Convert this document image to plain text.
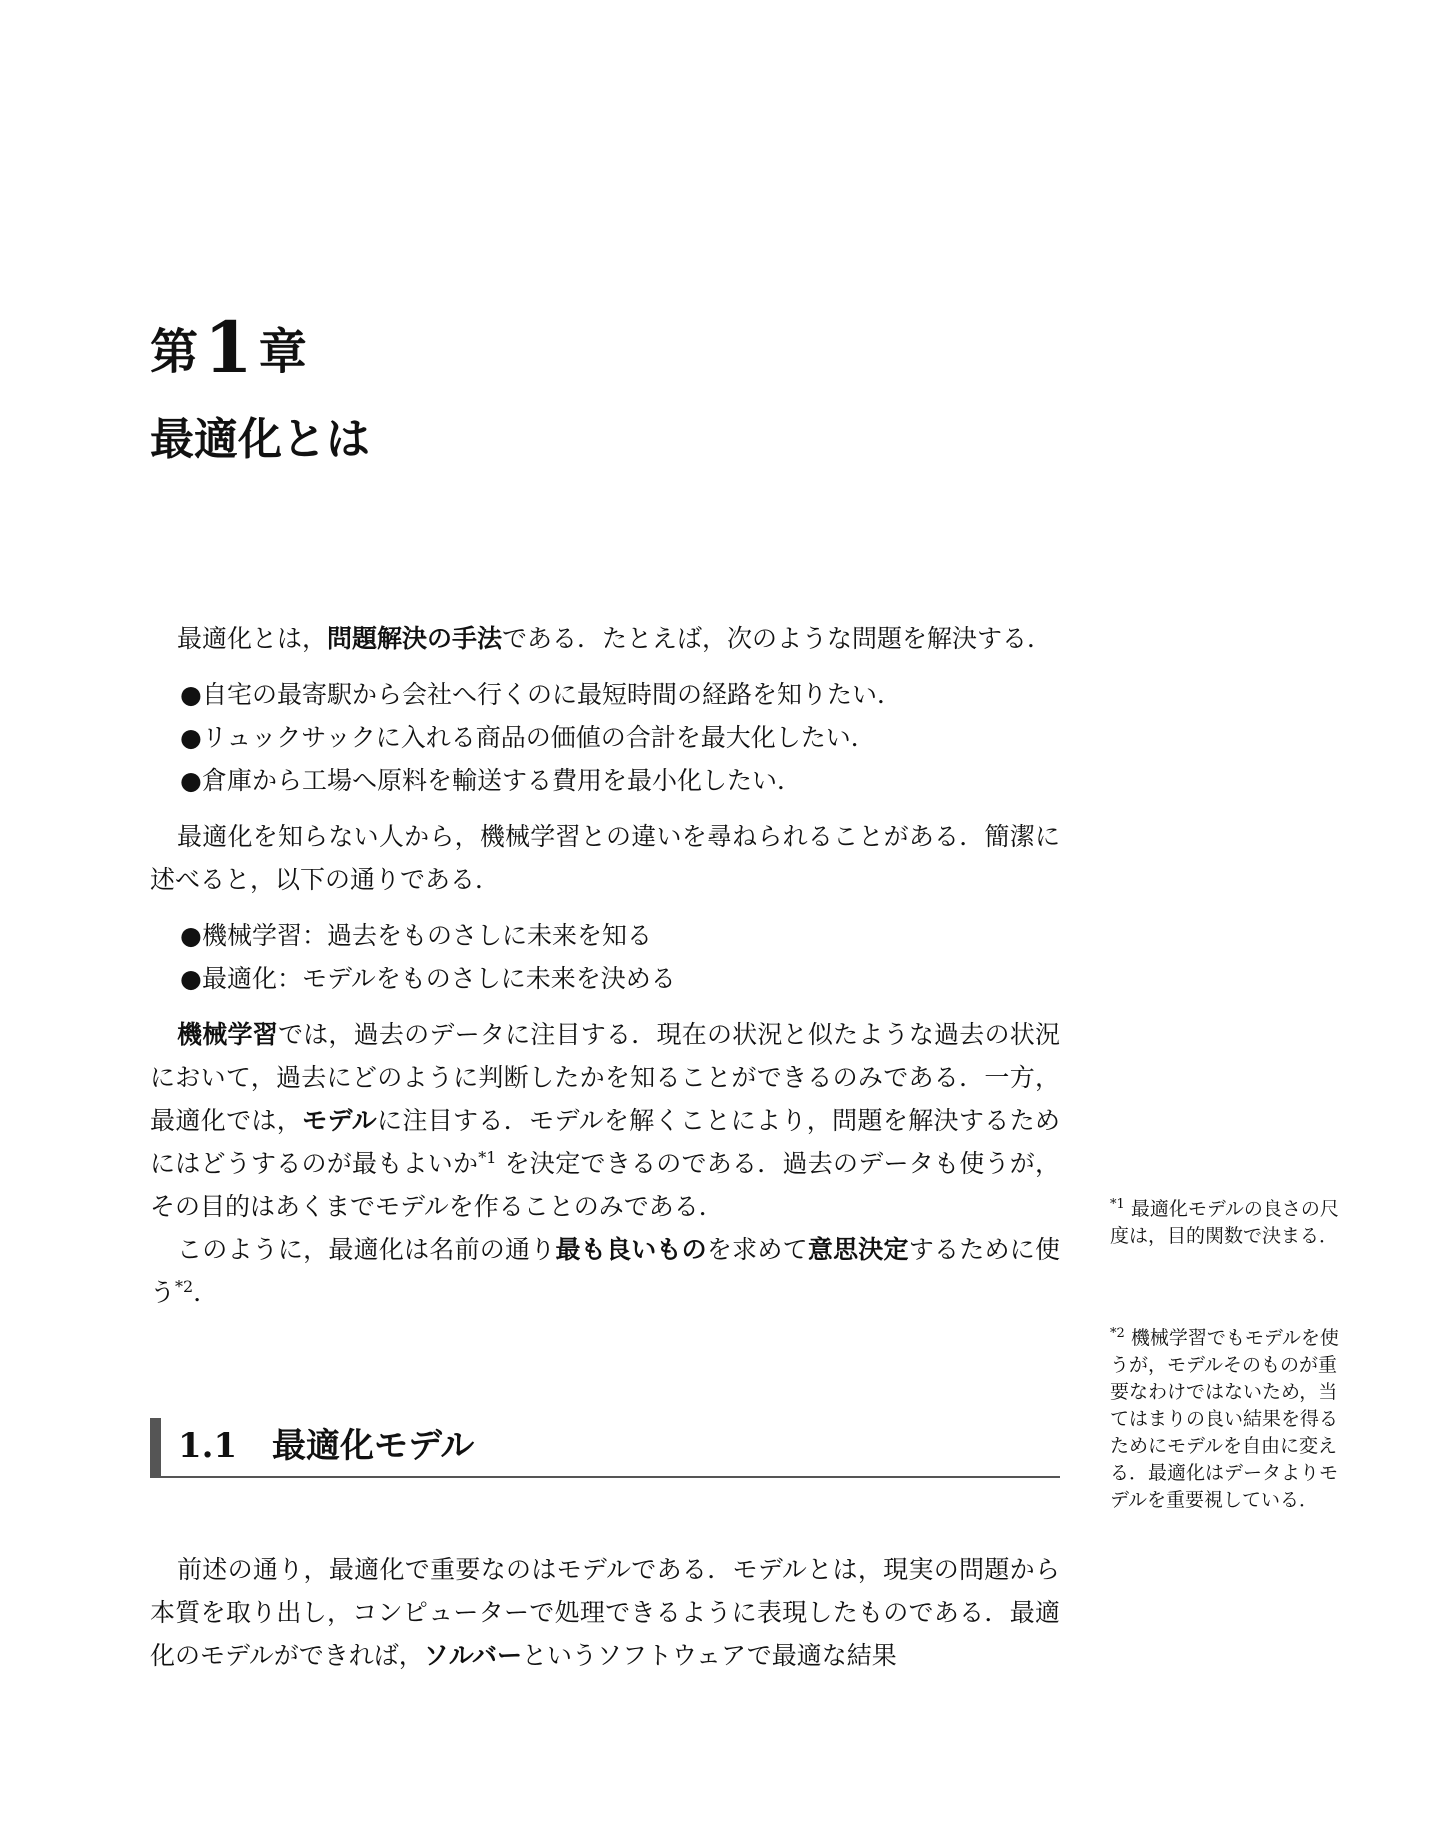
第1 章
最適化とは

最適化とは，問題解決の手法である．たとえば，次のような問題を解決する．

● 自宅の最寄駅から会社へ行くのに最短時間の経路を知りたい．
● リュックサックに入れる商品の価値の合計を最大化したい．
● 倉庫から工場へ原料を輸送する費用を最小化したい．

最適化を知らない人から，機械学習との違いを尋ねられることがある．簡潔に述べると，以下の通りである．

● 機械学習：過去をものさしに未来を知る
● 最適化：モデルをものさしに未来を決める

機械学習では，過去のデータに注目する．現在の状況と似たような過去の状況において，過去にどのように判断したかを知ることができるのみである．一方，最適化では，モデルに注目する．モデルを解くことにより，問題を解決するためにはどうするのが最もよいか$^{*1}$ を決定できるのである．過去のデータも使うが，その目的はあくまでモデルを作ることのみである．

このように，最適化は名前の通り最も良いものを求めて意思決定するために使う$^{*2}$．

1.1 最適化モデル

前述の通り，最適化で重要なのはモデルである．モデルとは，現実の問題から本質を取り出し，コンピューターで処理できるように表現したものである．最適化のモデルができれば，ソルバーというソフトウェアで最適な結果

$^{*1}$ 最適化モデルの良さの尺度は，目的関数で決まる．
$^{*2}$ 機械学習でもモデルを使うが，モデルそのものが重要なわけではないため，当てはまりの良い結果を得るためにモデルを自由に変える．最適化はデータよりモデルを重要視している．
